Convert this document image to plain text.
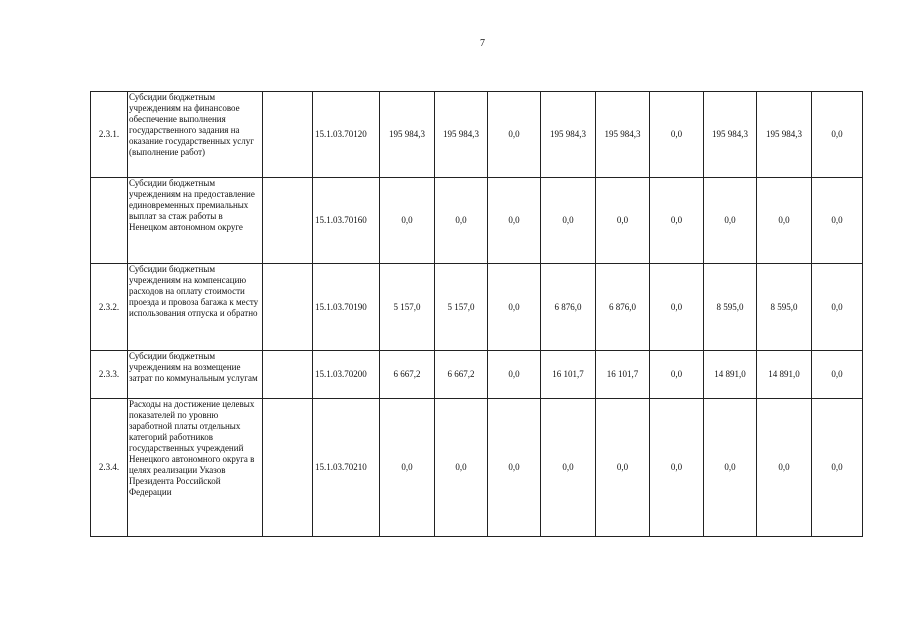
7
2.3.1.	Субсидии бюджетным учреждениям на финансовое обеспечение выполнения государственного задания на оказание государственных услуг (выполнение работ)		15.1.03.70120	195 984,3	195 984,3	0,0	195 984,3	195 984,3	0,0	195 984,3	195 984,3	0,0
	Субсидии бюджетным учреждениям на предоставление единовременных премиальных выплат за стаж работы в Ненецком автономном округе		15.1.03.70160	0,0	0,0	0,0	0,0	0,0	0,0	0,0	0,0	0,0
2.3.2.	Субсидии бюджетным учреждениям на компенсацию расходов на оплату стоимости проезда и провоза багажа к месту использования отпуска и обратно		15.1.03.70190	5 157,0	5 157,0	0,0	6 876,0	6 876,0	0,0	8 595,0	8 595,0	0,0
2.3.3.	Субсидии бюджетным учреждениям на возмещение затрат по коммунальным услугам		15.1.03.70200	6 667,2	6 667,2	0,0	16 101,7	16 101,7	0,0	14 891,0	14 891,0	0,0
2.3.4.	Расходы на достижение целевых показателей по уровню заработной платы отдельных категорий работников государственных учреждений Ненецкого автономного округа в целях реализации Указов Президента Российской Федерации		15.1.03.70210	0,0	0,0	0,0	0,0	0,0	0,0	0,0	0,0	0,0
